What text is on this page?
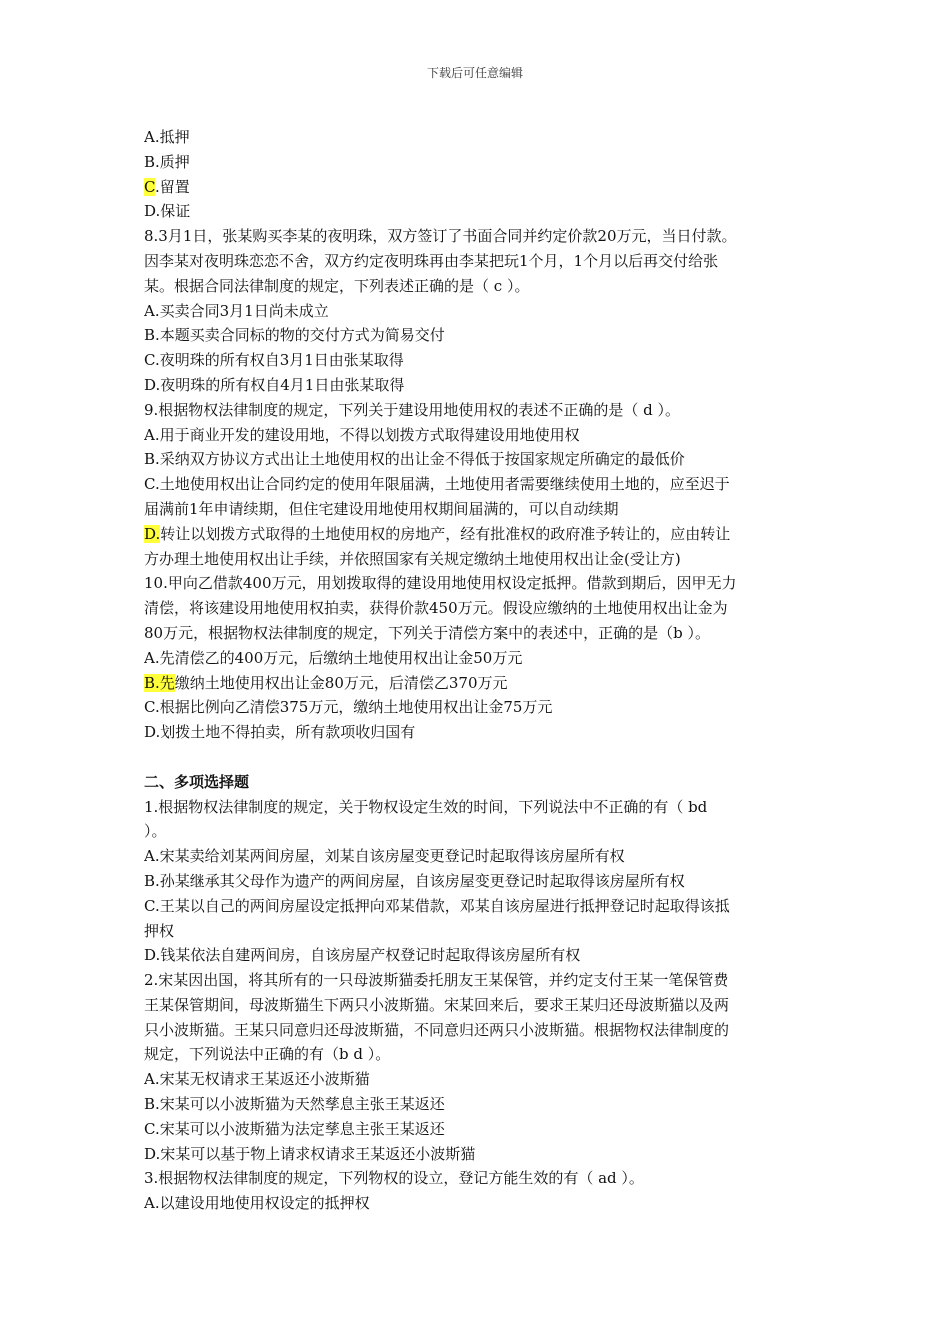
下载后可任意编辑
A.抵押
B.质押
C.留置
D.保证
8.3月1日，张某购买李某的夜明珠，双方签订了书面合同并约定价款20万元，当日付款。
因李某对夜明珠恋恋不舍，双方约定夜明珠再由李某把玩1个月，1个月以后再交付给张
某。根据合同法律制度的规定，下列表述正确的是（ c ）。
A.买卖合同3月1日尚未成立
B.本题买卖合同标的物的交付方式为简易交付
C.夜明珠的所有权自3月1日由张某取得
D.夜明珠的所有权自4月1日由张某取得
9.根据物权法律制度的规定，下列关于建设用地使用权的表述不正确的是（ d ）。
A.用于商业开发的建设用地，不得以划拨方式取得建设用地使用权
B.采纳双方协议方式出让土地使用权的出让金不得低于按国家规定所确定的最低价
C.土地使用权出让合同约定的使用年限届满，土地使用者需要继续使用土地的，应至迟于
届满前1年申请续期，但住宅建设用地使用权期间届满的，可以自动续期
D.转让以划拨方式取得的土地使用权的房地产，经有批准权的政府准予转让的，应由转让
方办理土地使用权出让手续，并依照国家有关规定缴纳土地使用权出让金(受让方)
10.甲向乙借款400万元，用划拨取得的建设用地使用权设定抵押。借款到期后，因甲无力
清偿，将该建设用地使用权拍卖，获得价款450万元。假设应缴纳的土地使用权出让金为
80万元，根据物权法律制度的规定，下列关于清偿方案中的表述中，正确的是（b ）。
A.先清偿乙的400万元，后缴纳土地使用权出让金50万元
B.先缴纳土地使用权出让金80万元，后清偿乙370万元
C.根据比例向乙清偿375万元，缴纳土地使用权出让金75万元
D.划拨土地不得拍卖，所有款项收归国有
二、多项选择题
1.根据物权法律制度的规定，关于物权设定生效的时间，下列说法中不正确的有（ bd
）。
A.宋某卖给刘某两间房屋，刘某自该房屋变更登记时起取得该房屋所有权
B.孙某继承其父母作为遗产的两间房屋，自该房屋变更登记时起取得该房屋所有权
C.王某以自己的两间房屋设定抵押向邓某借款，邓某自该房屋进行抵押登记时起取得该抵
押权
D.钱某依法自建两间房，自该房屋产权登记时起取得该房屋所有权
2.宋某因出国，将其所有的一只母波斯猫委托朋友王某保管，并约定支付王某一笔保管费
王某保管期间，母波斯猫生下两只小波斯猫。宋某回来后，要求王某归还母波斯猫以及两
只小波斯猫。王某只同意归还母波斯猫，不同意归还两只小波斯猫。根据物权法律制度的
规定，下列说法中正确的有（b d ）。
A.宋某无权请求王某返还小波斯猫
B.宋某可以小波斯猫为天然孳息主张王某返还
C.宋某可以小波斯猫为法定孳息主张王某返还
D.宋某可以基于物上请求权请求王某返还小波斯猫
3.根据物权法律制度的规定，下列物权的设立，登记方能生效的有（ ad ）。
A.以建设用地使用权设定的抵押权
